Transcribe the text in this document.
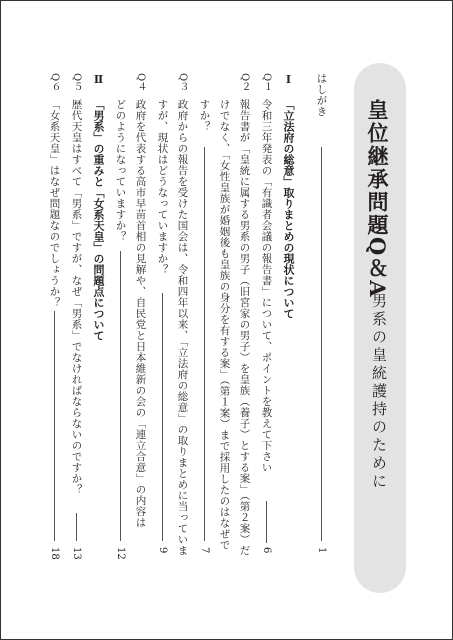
皇位継承問題Q＆A
男系の皇統護持のために
はしがき
1
Ⅰ
「立法府の総意」取りまとめの現状について
Q１
令和三年発表の「有識者会議の報告書」について、ポイントを教えて下さい
6
Q２
報告書が「皇統に属する男系の男子（旧宮家の男子）を皇族（養子）とする案」（第２案）だ
けでなく、「女性皇族が婚姻後も皇族の身分を有する案」（第１案）まで採用したのはなぜで
すか？
7
Q３
政府からの報告を受けた国会は、令和四年以来、「立法府の総意」の取りまとめに当っていま
すが、現状はどうなっていますか？
9
Q４
政府を代表する高市早苗首相の見解や、自民党と日本維新の会の「連立合意」の内容は
どのようになっていますか？
12
Ⅱ
「男系」の重みと「女系天皇」の問題点について
Q５
歴代天皇はすべて「男系」ですが、なぜ「男系」でなければならないのですか？
13
Q６
「女系天皇」はなぜ問題なのでしょうか？
18
